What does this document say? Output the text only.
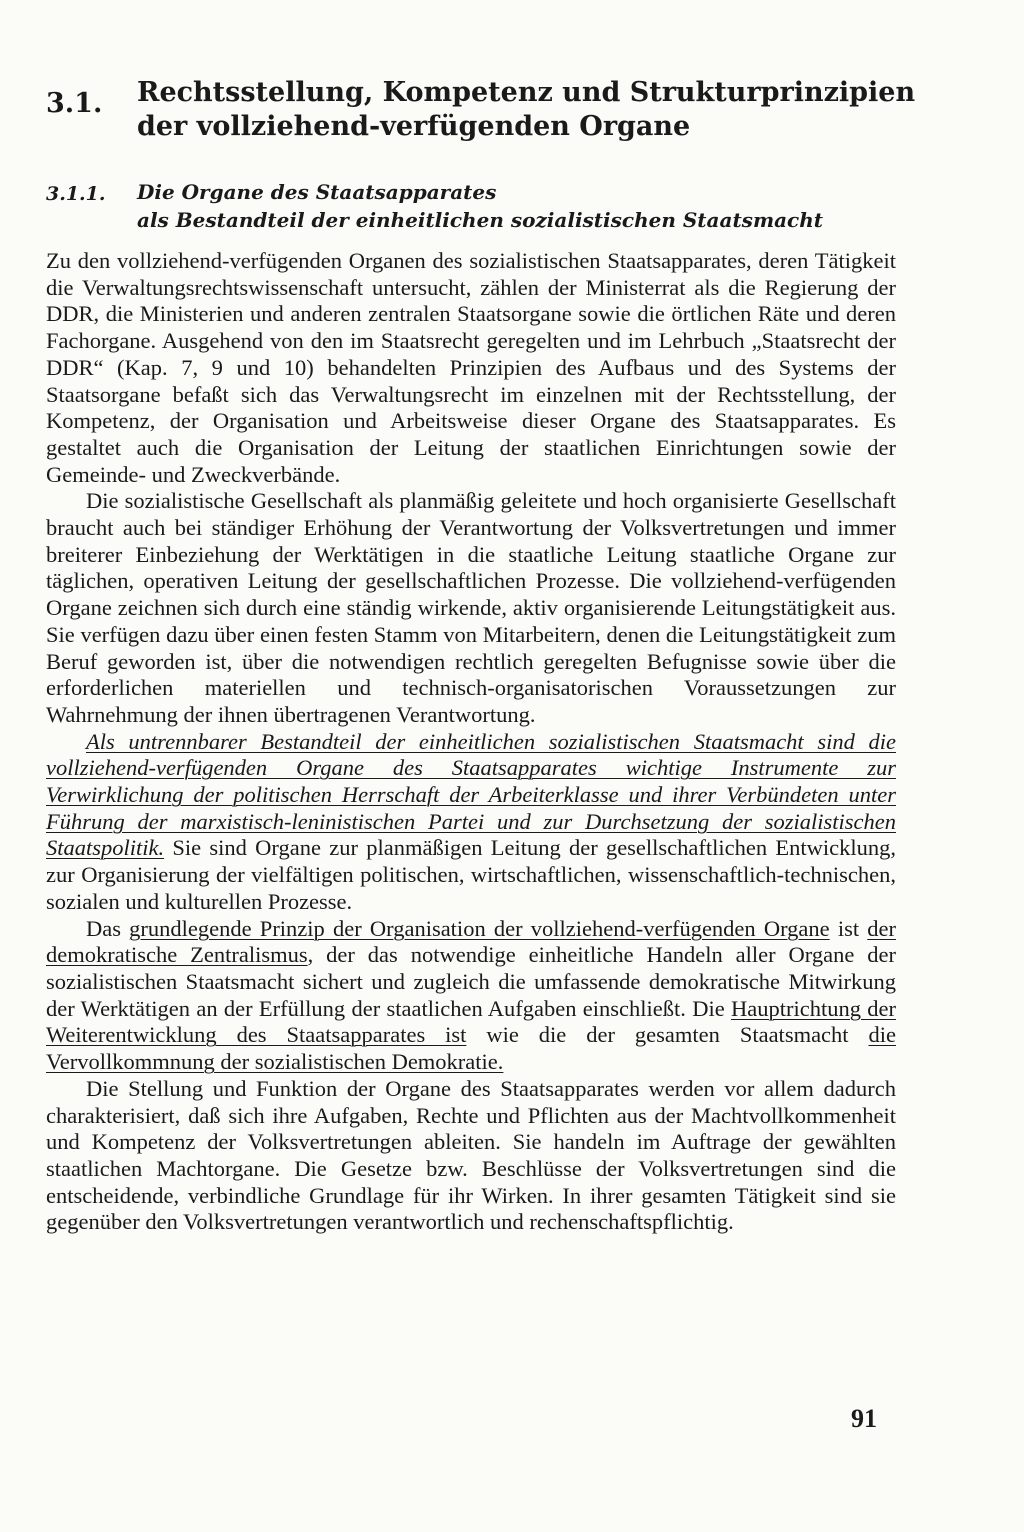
3.1. Rechtsstellung, Kompetenz und Strukturprinzipien
der vollziehend-verfügenden Organe
3.1.1. Die Organe des Staatsapparates
als Bestandteil der einheitlichen sozialistischen Staatsmacht

Zu den vollziehend-verfügenden Organen des sozialistischen Staatsapparates, deren Tätigkeit die Verwaltungsrechtswissenschaft untersucht, zählen der Ministerrat als die Regierung der DDR, die Ministerien und anderen zentralen Staatsorgane sowie die örtlichen Räte und deren Fachorgane. Ausgehend von den im Staatsrecht geregelten und im Lehrbuch „Staatsrecht der DDR“ (Kap. 7, 9 und 10) behandelten Prinzipien des Aufbaus und des Systems der Staatsorgane befaßt sich das Verwaltungsrecht im einzelnen mit der Rechtsstellung, der Kompetenz, der Organisation und Arbeitsweise dieser Organe des Staatsapparates. Es gestaltet auch die Organisation der Leitung der staatlichen Einrichtungen sowie der Gemeinde- und Zweckverbände.

Die sozialistische Gesellschaft als planmäßig geleitete und hoch organisierte Gesellschaft braucht auch bei ständiger Erhöhung der Verantwortung der Volksvertretungen und immer breiterer Einbeziehung der Werktätigen in die staatliche Leitung staatliche Organe zur täglichen, operativen Leitung der gesellschaftlichen Prozesse. Die vollziehend-verfügenden Organe zeichnen sich durch eine ständig wirkende, aktiv organisierende Leitungstätigkeit aus. Sie verfügen dazu über einen festen Stamm von Mitarbeitern, denen die Leitungstätigkeit zum Beruf geworden ist, über die notwendigen rechtlich geregelten Befugnisse sowie über die erforderlichen materiellen und technisch-organisatorischen Voraussetzungen zur Wahrnehmung der ihnen übertragenen Verantwortung.

Als untrennbarer Bestandteil der einheitlichen sozialistischen Staatsmacht sind die vollziehend-verfügenden Organe des Staatsapparates wichtige Instrumente zur Verwirklichung der politischen Herrschaft der Arbeiterklasse und ihrer Verbündeten unter Führung der marxistisch-leninistischen Partei und zur Durchsetzung der sozialistischen Staatspolitik. Sie sind Organe zur planmäßigen Leitung der gesellschaftlichen Entwicklung, zur Organisierung der vielfältigen politischen, wirtschaftlichen, wissenschaftlich-technischen, sozialen und kulturellen Prozesse.

Das grundlegende Prinzip der Organisation der vollziehend-verfügenden Organe ist der demokratische Zentralismus, der das notwendige einheitliche Handeln aller Organe der sozialistischen Staatsmacht sichert und zugleich die umfassende demokratische Mitwirkung der Werktätigen an der Erfüllung der staatlichen Aufgaben einschließt. Die Hauptrichtung der Weiterentwicklung des Staatsapparates ist wie die der gesamten Staatsmacht die Vervollkommnung der sozialistischen Demokratie.

Die Stellung und Funktion der Organe des Staatsapparates werden vor allem dadurch charakterisiert, daß sich ihre Aufgaben, Rechte und Pflichten aus der Machtvollkommenheit und Kompetenz der Volksvertretungen ableiten. Sie handeln im Auftrage der gewählten staatlichen Machtorgane. Die Gesetze bzw. Beschlüsse der Volksvertretungen sind die entscheidende, verbindliche Grundlage für ihr Wirken. In ihrer gesamten Tätigkeit sind sie gegenüber den Volksvertretungen verantwortlich und rechenschaftspflichtig.

91
